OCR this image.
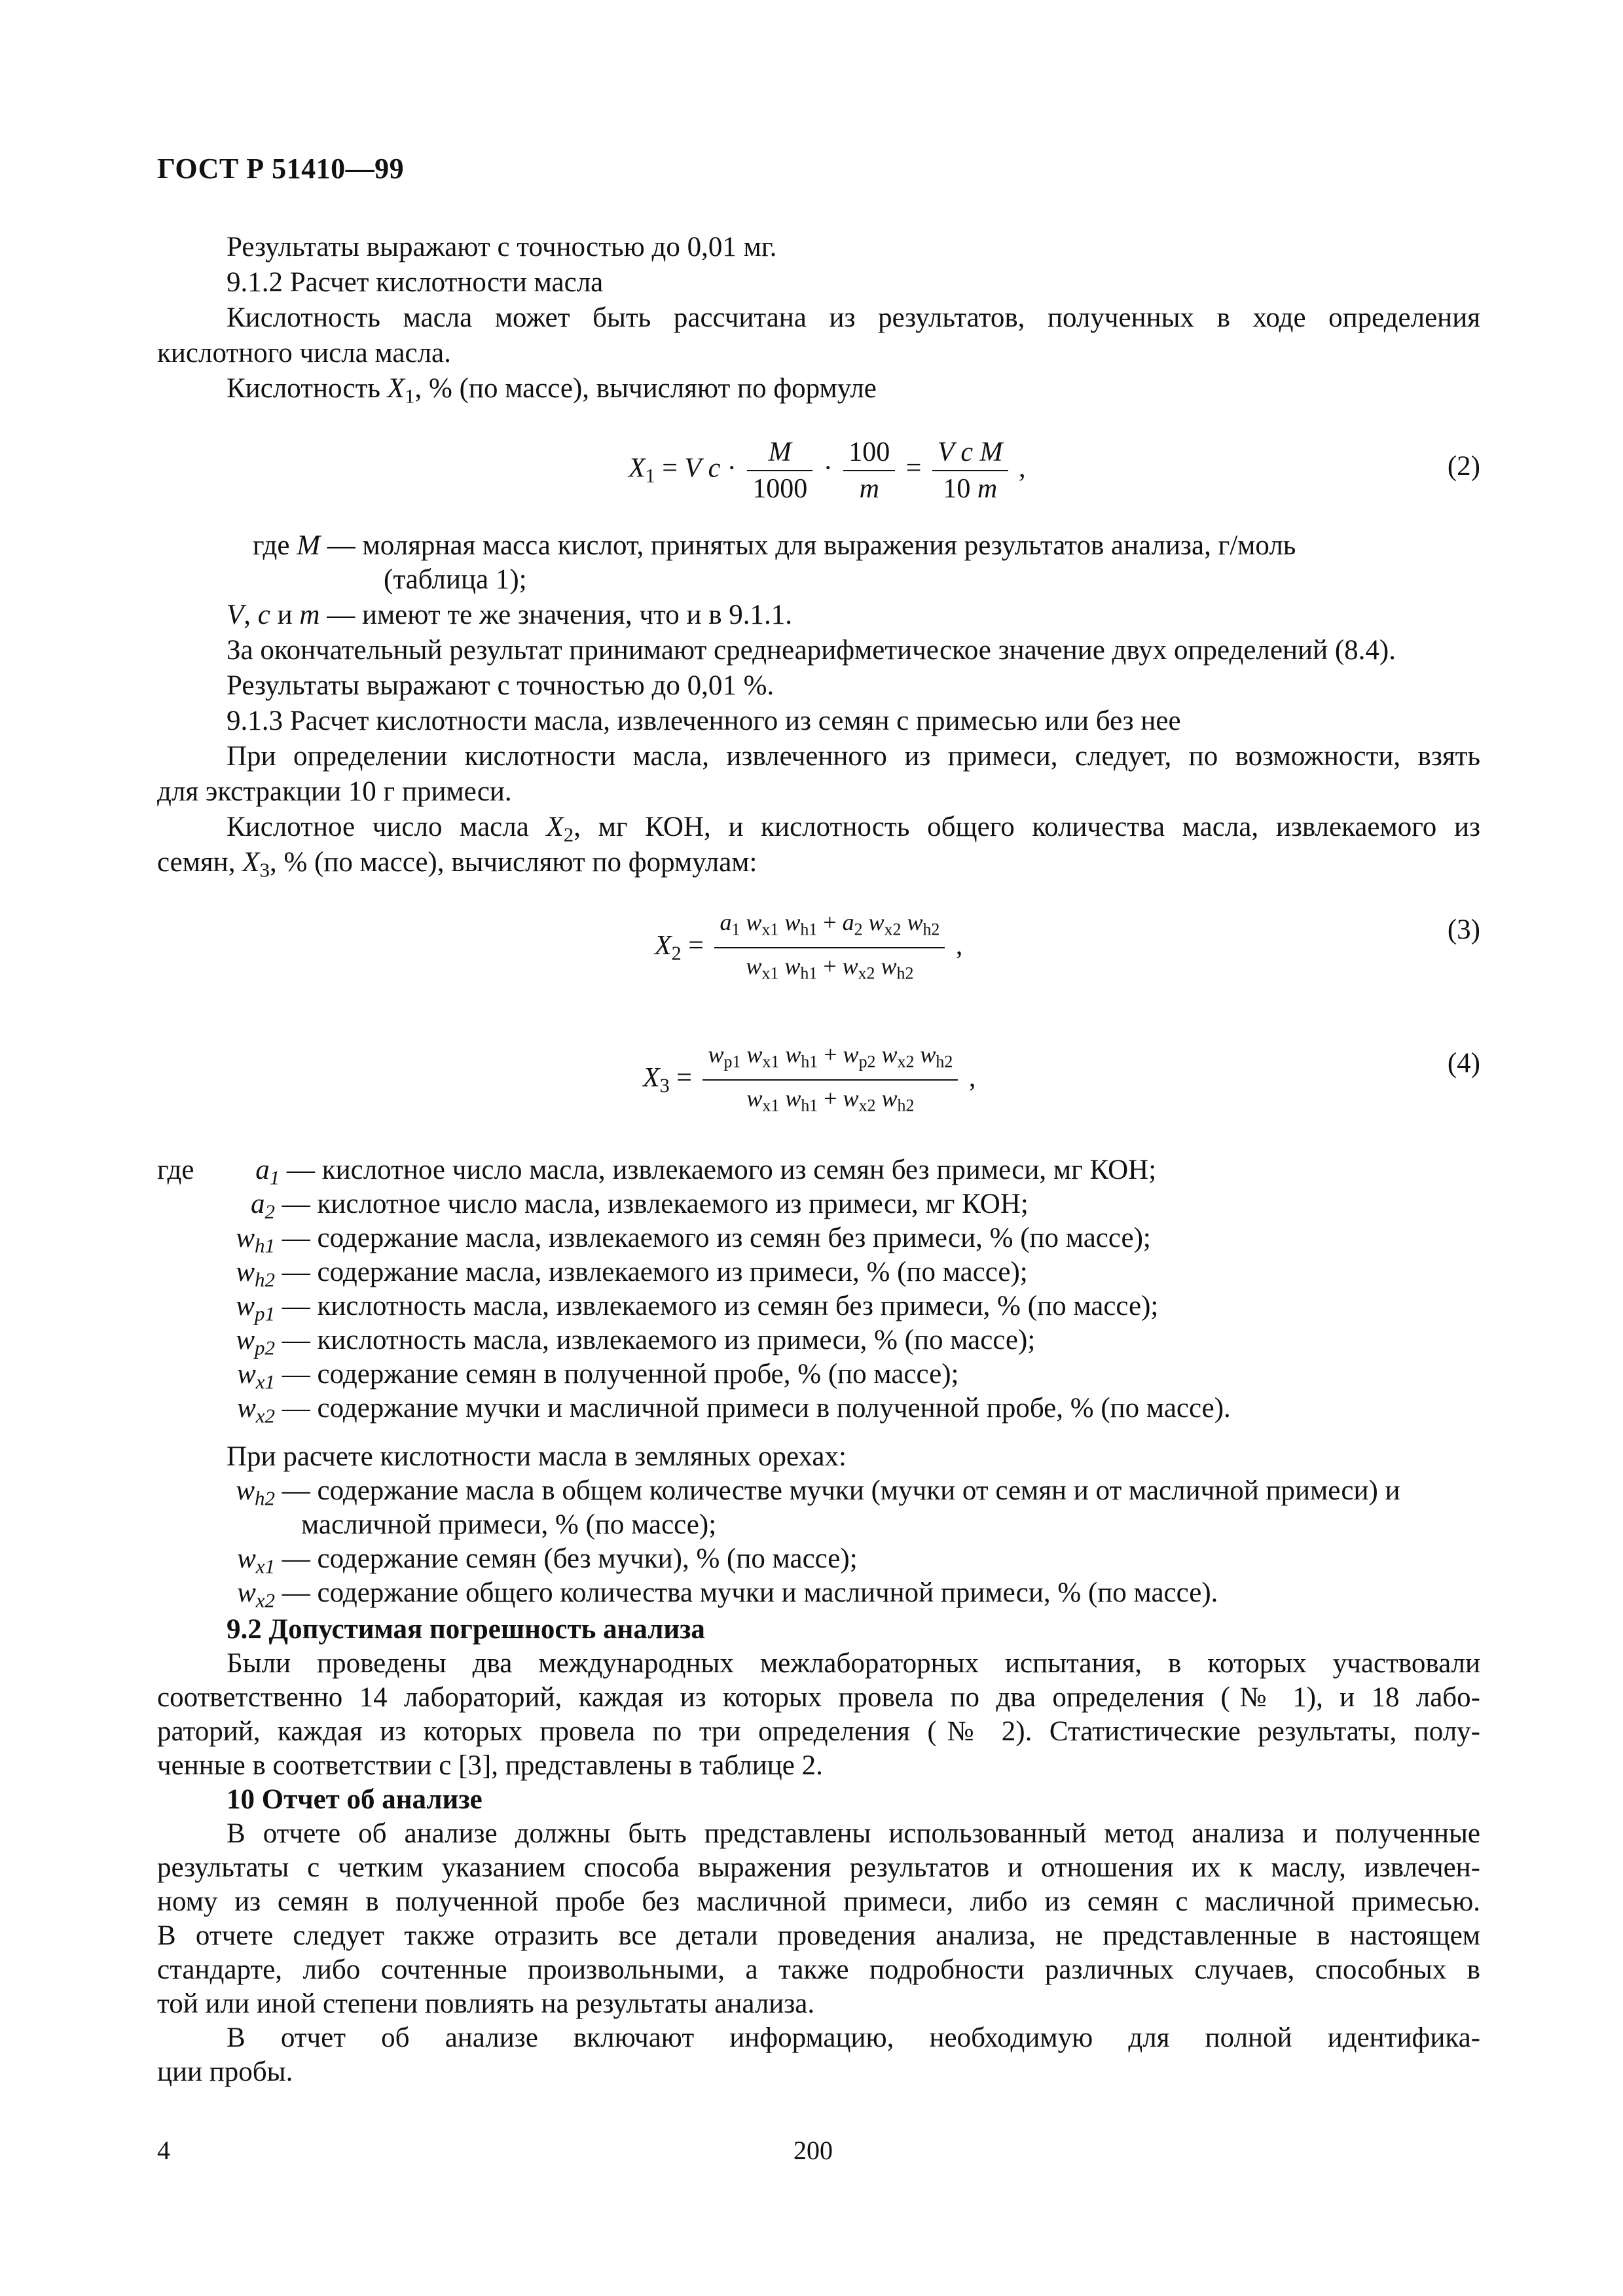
ГОСТ Р 51410—99
Результаты выражают с точностью до 0,01 мг.
9.1.2 Расчет кислотности масла
Кислотность масла может быть рассчитана из результатов, полученных в ходе определения
кислотного числа масла.
Кислотность $X_1$, % (по массе), вычисляют по формуле
$X_1 = V$ $c \cdot \frac{M}{1000} \cdot \frac{100}{m} = \frac{\text{V c M}}{10 m}$ ,	(2)
где M — молярная масса кислот, принятых для выражения результатов анализа, г/моль
(таблица 1);
V, c и m — имеют те же значения, что и в 9.1.1.
За окончательный результат принимают среднеарифметическое значение двух определений (8.4).
Результаты выражают с точностью до 0,01 %.
9.1.3 Расчет кислотности масла, извлеченного из семян с примесью или без нее
При определении кислотности масла, извлеченного из примеси, следует, по возможности, взять
для экстракции 10 г примеси.
Кислотное число масла $X_2$, мг КОН, и кислотность общего количества масла, извлекаемого из
семян, $X_3$, % (по массе), вычисляют по формулам:
$X_2 = \frac{a_1 w_{x1} w_{h1} + a_2 w_{x2} w_{h2}}{w_{x1} w_{h1} + w_{x2} w_{h2}}$ ,
(3)
$X_3 = \frac{w_{p1} w_{x1} w_{h1} + w_{p2} w_{x2} w_{h2}}{w_{x1} w_{h1} + w_{x2} w_{h2}}$ ,	(4)
где $a_1$ — кислотное число масла, извлекаемого из семян без примеси, мг КОН;
$a_2$ — кислотное число масла, извлекаемого из примеси, мг КОН;
$w_{h1}$ — содержание масла, извлекаемого из семян без примеси, % (по массе);
$w_{h2}$ — содержание масла, извлекаемого из примеси, % (по массе);
$w_{p1}$ — кислотность масла, извлекаемого из семян без примеси, % (по массе);
$w_{p2}$ — кислотность масла, извлекаемого из примеси, % (по массе);
$w_{x1}$ — содержание семян в полученной пробе, % (по массе);
$w_{x2}$ — содержание мучки и масличной примеси в полученной пробе, % (по массе).
При расчете кислотности масла в земляных орехах:
$w_{h2}$ — содержание масла в общем количестве мучки (мучки от семян и от масличной примеси) и
масличной примеси, % (по массе);
$w_{x1}$ — содержание семян (без мучки), % (по массе);
$w_{x2}$ — содержание общего количества мучки и масличной примеси, % (по массе).
9.2 Допустимая погрешность анализа
Были проведены два международных межлабораторных испытания, в которых участвовали
соответственно 14 лабораторий, каждая из которых провела по два определения (№ 1), и 18 лабо-
раторий, каждая из которых провела по три определения (№ 2). Статистические результаты, полу-
ченные в соответствии с [3], представлены в таблице 2.
10 Отчет об анализе
В отчете об анализе должны быть представлены использованный метод анализа и полученные
результаты с четким указанием способа выражения результатов и отношения их к маслу, извлечен-
ному из семян в полученной пробе без масличной примеси, либо из семян с масличной примесью.
В отчете следует также отразить все детали проведения анализа, не представленные в настоящем
стандарте, либо сочтенные произвольными, а также подробности различных случаев, способных в
той или иной степени повлиять на результаты анализа.
В отчет об анализе включают информацию, необходимую для полной идентифика-
ции пробы.
4	200
